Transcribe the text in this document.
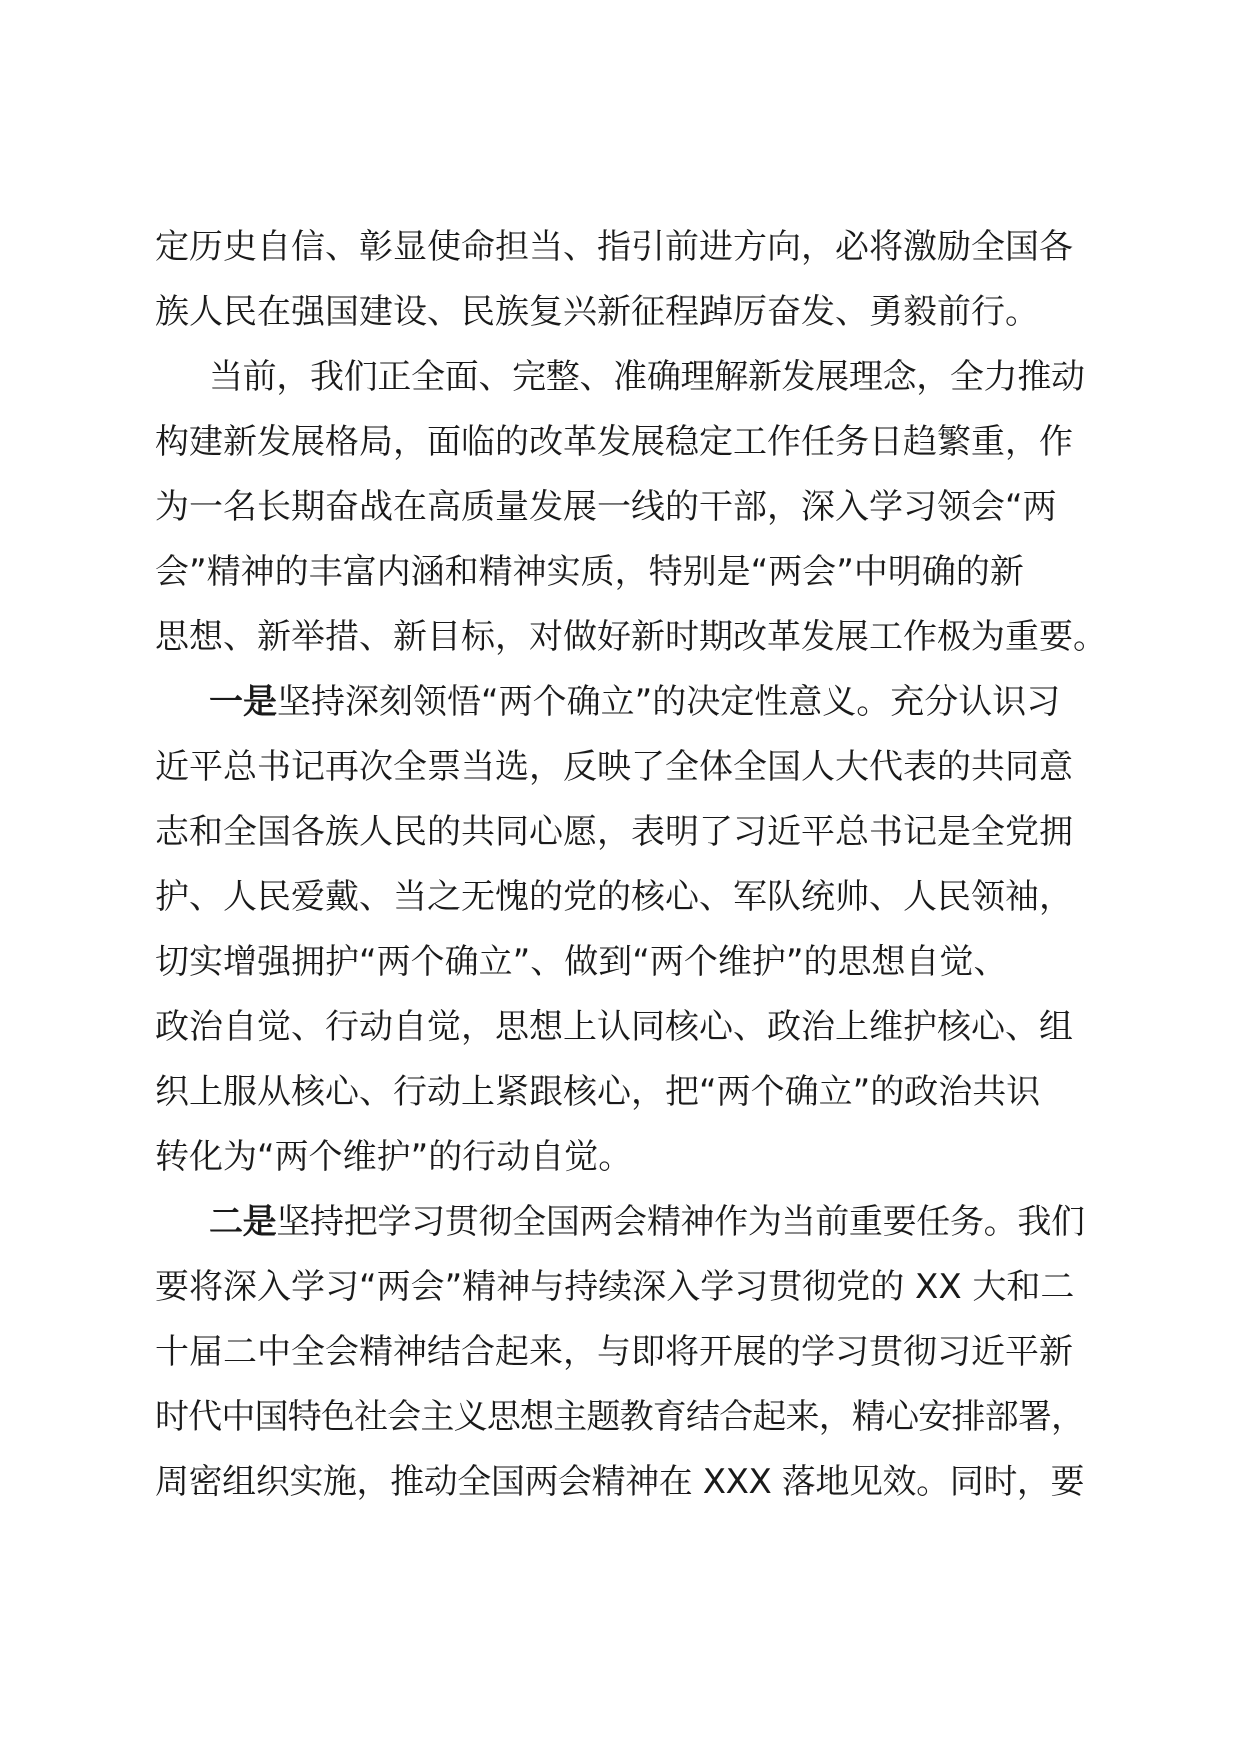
定历史自信、彰显使命担当、指引前进方向，必将激励全国各
族人民在强国建设、民族复兴新征程踔厉奋发、勇毅前行。
当前，我们正全面、完整、准确理解新发展理念，全力推动
构建新发展格局，面临的改革发展稳定工作任务日趋繁重，作
为一名长期奋战在高质量发展一线的干部，深入学习领会“两
会”精神的丰富内涵和精神实质，特别是“两会”中明确的新
思想、新举措、新目标，对做好新时期改革发展工作极为重要。
一是坚持深刻领悟“两个确立”的决定性意义。充分认识习
近平总书记再次全票当选，反映了全体全国人大代表的共同意
志和全国各族人民的共同心愿，表明了习近平总书记是全党拥
护、人民爱戴、当之无愧的党的核心、军队统帅、人民领袖，
切实增强拥护“两个确立”、做到“两个维护”的思想自觉、
政治自觉、行动自觉，思想上认同核心、政治上维护核心、组
织上服从核心、行动上紧跟核心，把“两个确立”的政治共识
转化为“两个维护”的行动自觉。
二是坚持把学习贯彻全国两会精神作为当前重要任务。我们
要将深入学习“两会”精神与持续深入学习贯彻党的 XX 大和二
十届二中全会精神结合起来，与即将开展的学习贯彻习近平新
时代中国特色社会主义思想主题教育结合起来，精心安排部署，
周密组织实施，推动全国两会精神在 XXX 落地见效。同时，要
